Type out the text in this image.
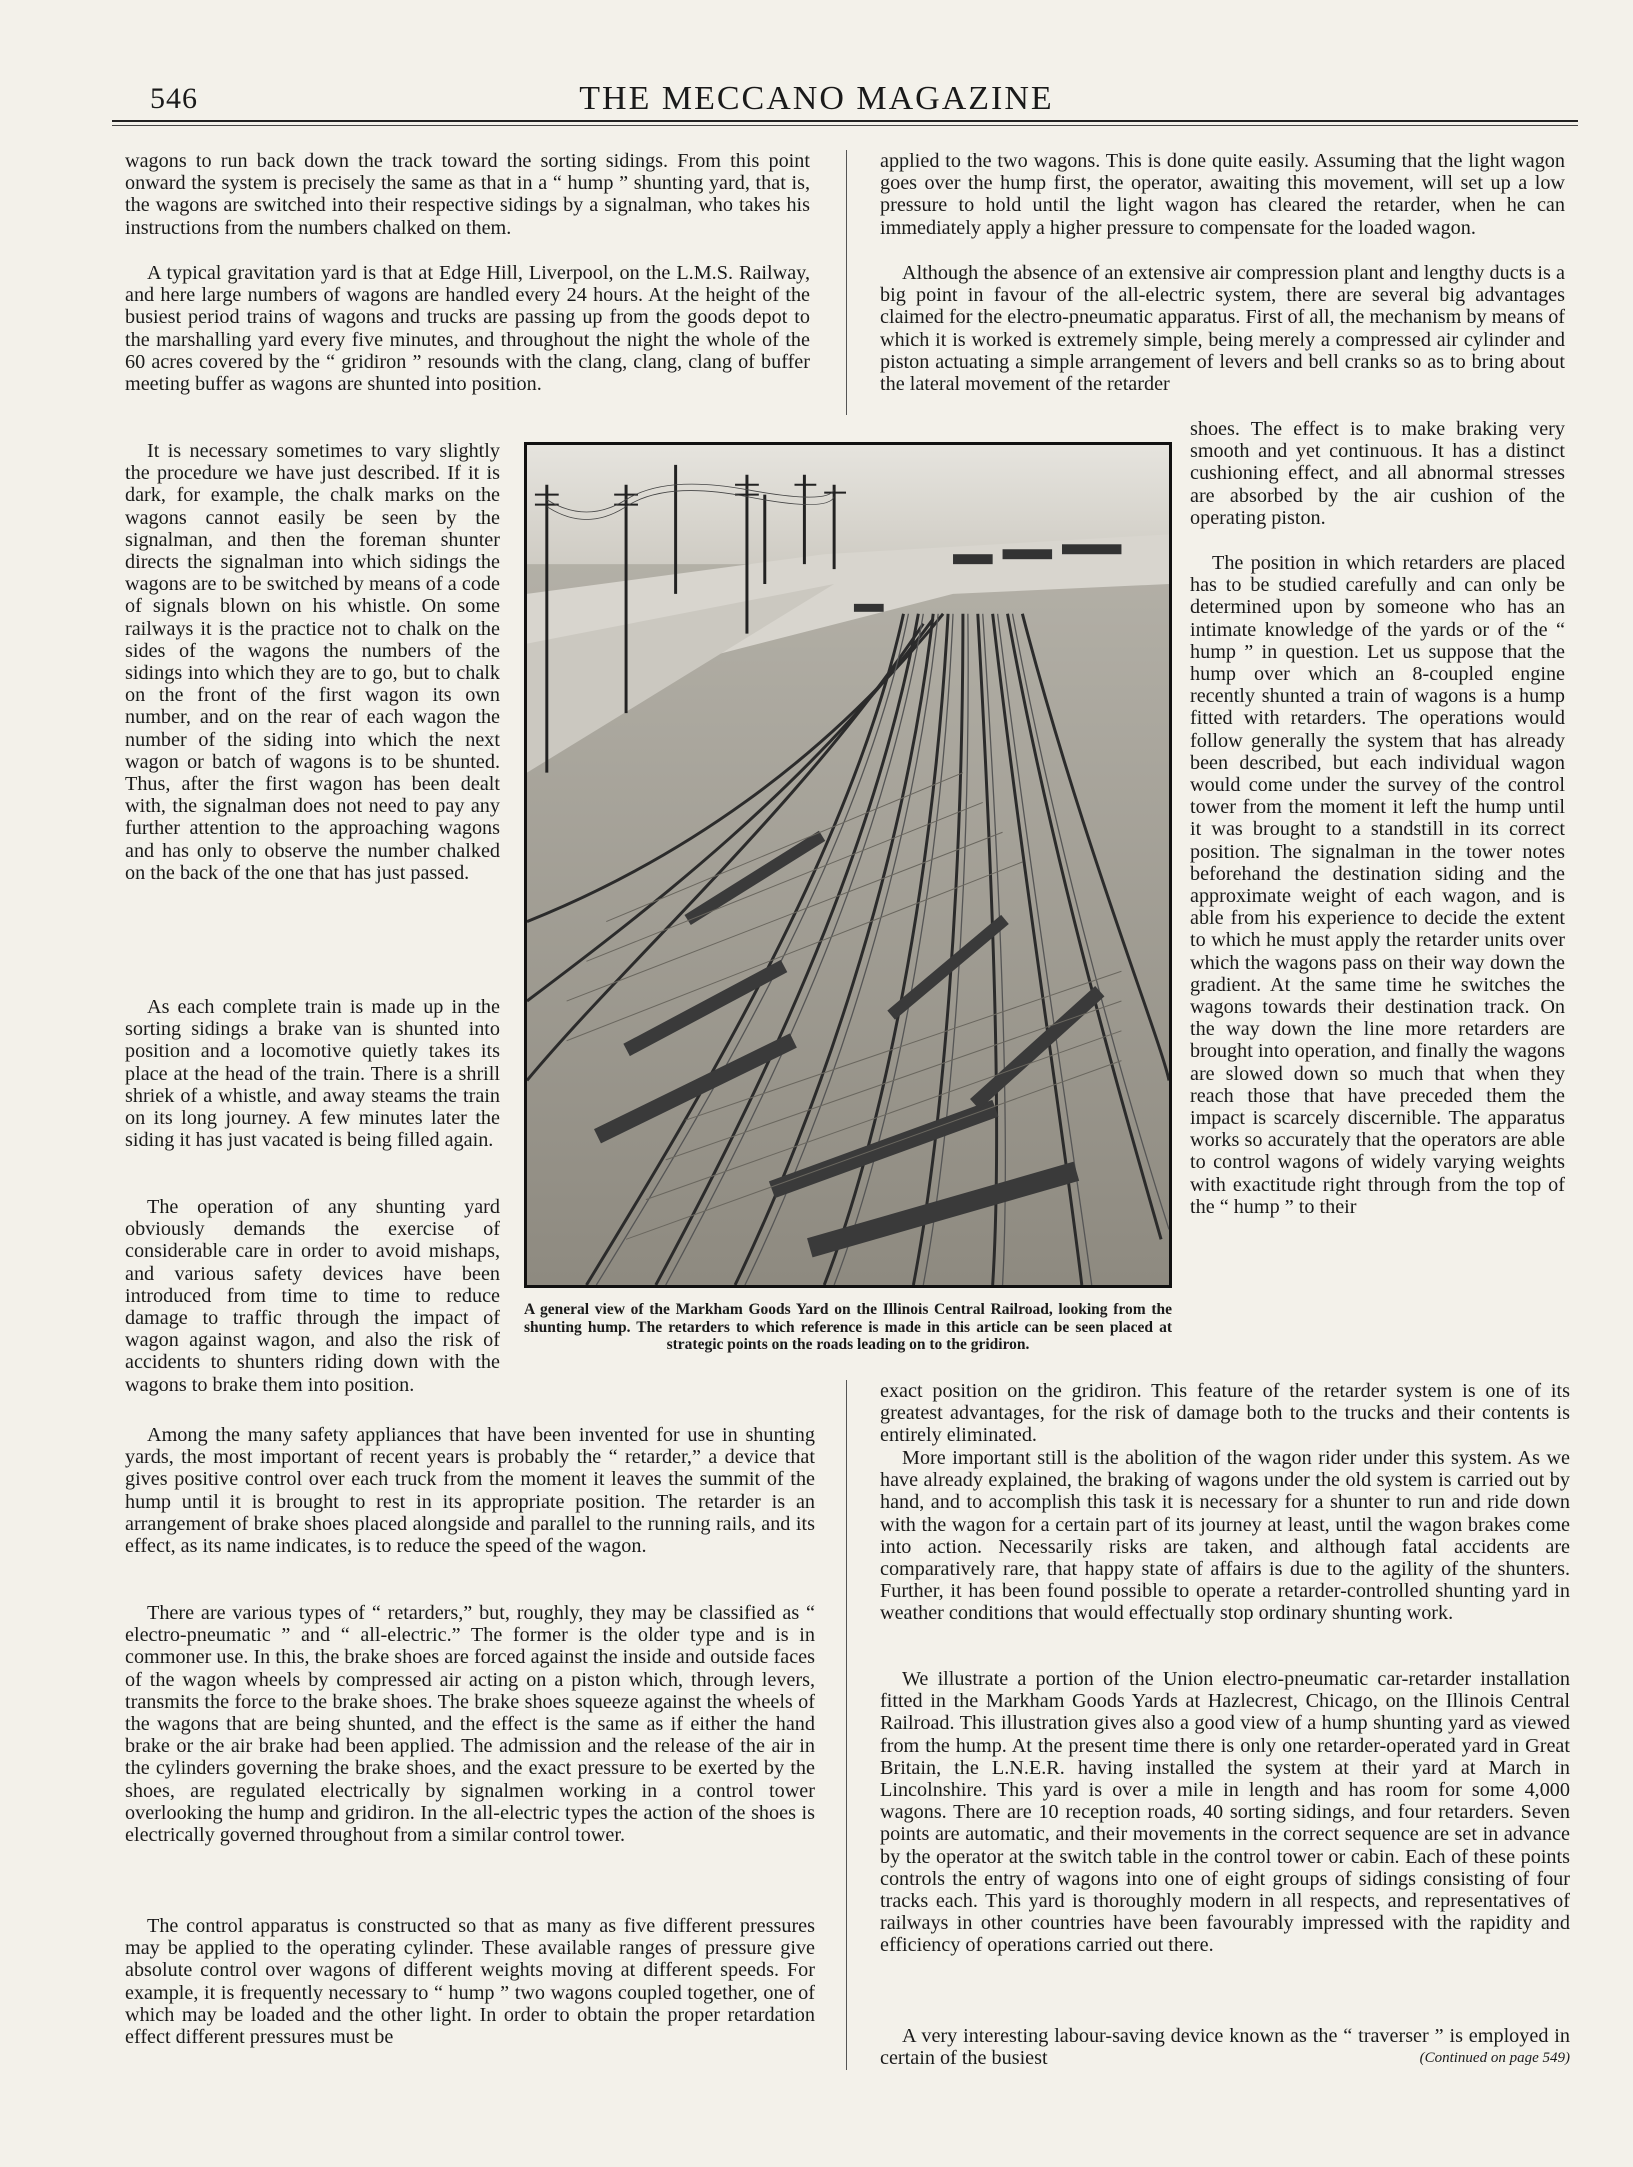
546	THE MECCANO MAGAZINE

wagons to run back down the track toward the sorting sidings. From this point onward the system is precisely the same as that in a “ hump ” shunting yard, that is, the wagons are switched into their respective sidings by a signalman, who takes his instructions from the numbers chalked on them.

A typical gravitation yard is that at Edge Hill, Liverpool, on the L.M.S. Railway, and here large numbers of wagons are handled every 24 hours. At the height of the busiest period trains of wagons and trucks are passing up from the goods depot to the marshalling yard every five minutes, and throughout the night the whole of the 60 acres covered by the “ gridiron ” resounds with the clang, clang, clang of buffer meeting buffer as wagons are shunted into position.

It is necessary sometimes to vary slightly the procedure we have just described. If it is dark, for example, the chalk marks on the wagons cannot easily be seen by the signalman, and then the foreman shunter directs the signalman into which sidings the wagons are to be switched by means of a code of signals blown on his whistle. On some railways it is the practice not to chalk on the sides of the wagons the numbers of the sidings into which they are to go, but to chalk on the front of the first wagon its own number, and on the rear of each wagon the number of the siding into which the next wagon or batch of wagons is to be shunted. Thus, after the first wagon has been dealt with, the signalman does not need to pay any further attention to the approaching wagons and has only to observe the number chalked on the back of the one that has just passed.

As each complete train is made up in the sorting sidings a brake van is shunted into position and a locomotive quietly takes its place at the head of the train. There is a shrill shriek of a whistle, and away steams the train on its long journey. A few minutes later the siding it has just vacated is being filled again.

The operation of any shunting yard obviously demands the exercise of considerable care in order to avoid mishaps, and various safety devices have been introduced from time to time to reduce damage to traffic through the impact of wagon against wagon, and also the risk of accidents to shunters riding down with the wagons to brake them into position.

Among the many safety appliances that have been invented for use in shunting yards, the most important of recent years is probably the “ retarder,” a device that gives positive control over each truck from the moment it leaves the summit of the hump until it is brought to rest in its appropriate position. The retarder is an arrangement of brake shoes placed alongside and parallel to the running rails, and its effect, as its name indicates, is to reduce the speed of the wagon.

There are various types of “ retarders,” but, roughly, they may be classified as “ electro-pneumatic ” and “ all-electric.” The former is the older type and is in commoner use. In this, the brake shoes are forced against the inside and outside faces of the wagon wheels by compressed air acting on a piston which, through levers, transmits the force to the brake shoes. The brake shoes squeeze against the wheels of the wagons that are being shunted, and the effect is the same as if either the hand brake or the air brake had been applied. The admission and the release of the air in the cylinders governing the brake shoes, and the exact pressure to be exerted by the shoes, are regulated electrically by signalmen working in a control tower overlooking the hump and gridiron. In the all-electric types the action of the shoes is electrically governed throughout from a similar control tower.

The control apparatus is constructed so that as many as five different pressures may be applied to the operating cylinder. These available ranges of pressure give absolute control over wagons of different weights moving at different speeds. For example, it is frequently necessary to “ hump ” two wagons coupled together, one of which may be loaded and the other light. In order to obtain the proper retardation effect different pressures must be

applied to the two wagons. This is done quite easily. Assuming that the light wagon goes over the hump first, the operator, awaiting this movement, will set up a low pressure to hold until the light wagon has cleared the retarder, when he can immediately apply a higher pressure to compensate for the loaded wagon.

Although the absence of an extensive air compression plant and lengthy ducts is a big point in favour of the all-electric system, there are several big advantages claimed for the electro-pneumatic apparatus. First of all, the mechanism by means of which it is worked is extremely simple, being merely a compressed air cylinder and piston actuating a simple arrangement of levers and bell cranks so as to bring about the lateral movement of the retarder

shoes. The effect is to make braking very smooth and yet continuous. It has a distinct cushioning effect, and all abnormal stresses are absorbed by the air cushion of the operating piston.

The position in which retarders are placed has to be studied carefully and can only be determined upon by someone who has an intimate knowledge of the yards or of the “ hump ” in question. Let us suppose that the hump over which an 8-coupled engine recently shunted a train of wagons is a hump fitted with retarders. The operations would follow generally the system that has already been described, but each individual wagon would come under the survey of the control tower from the moment it left the hump until it was brought to a standstill in its correct position. The signalman in the tower notes beforehand the destination siding and the approximate weight of each wagon, and is able from his experience to decide the extent to which he must apply the retarder units over which the wagons pass on their way down the gradient. At the same time he switches the wagons towards their destination track. On the way down the line more retarders are brought into operation, and finally the wagons are slowed down so much that when they reach those that have preceded them the impact is scarcely discernible. The apparatus works so accurately that the operators are able to control wagons of widely varying weights with exactitude right through from the top of the “ hump ” to their

exact position on the gridiron. This feature of the retarder system is one of its greatest advantages, for the risk of damage both to the trucks and their contents is entirely eliminated.

More important still is the abolition of the wagon rider under this system. As we have already explained, the braking of wagons under the old system is carried out by hand, and to accomplish this task it is necessary for a shunter to run and ride down with the wagon for a certain part of its journey at least, until the wagon brakes come into action. Necessarily risks are taken, and although fatal accidents are comparatively rare, that happy state of affairs is due to the agility of the shunters. Further, it has been found possible to operate a retarder-controlled shunting yard in weather conditions that would effectually stop ordinary shunting work.

We illustrate a portion of the Union electro-pneumatic car-retarder installation fitted in the Markham Goods Yards at Hazlecrest, Chicago, on the Illinois Central Railroad. This illustration gives also a good view of a hump shunting yard as viewed from the hump. At the present time there is only one retarder-operated yard in Great Britain, the L.N.E.R. having installed the system at their yard at March in Lincolnshire. This yard is over a mile in length and has room for some 4,000 wagons. There are 10 reception roads, 40 sorting sidings, and four retarders. Seven points are automatic, and their movements in the correct sequence are set in advance by the operator at the switch table in the control tower or cabin. Each of these points controls the entry of wagons into one of eight groups of sidings consisting of four tracks each. This yard is thoroughly modern in all respects, and representatives of railways in other countries have been favourably impressed with the rapidity and efficiency of operations carried out there.

A very interesting labour-saving device known as the “ traverser ” is employed in certain of the busiest	(Continued on page 549)

A general view of the Markham Goods Yard on the Illinois Central Railroad, looking from the shunting hump. The retarders to which reference is made in this article can be seen placed at strategic points on the roads leading on to the gridiron.
